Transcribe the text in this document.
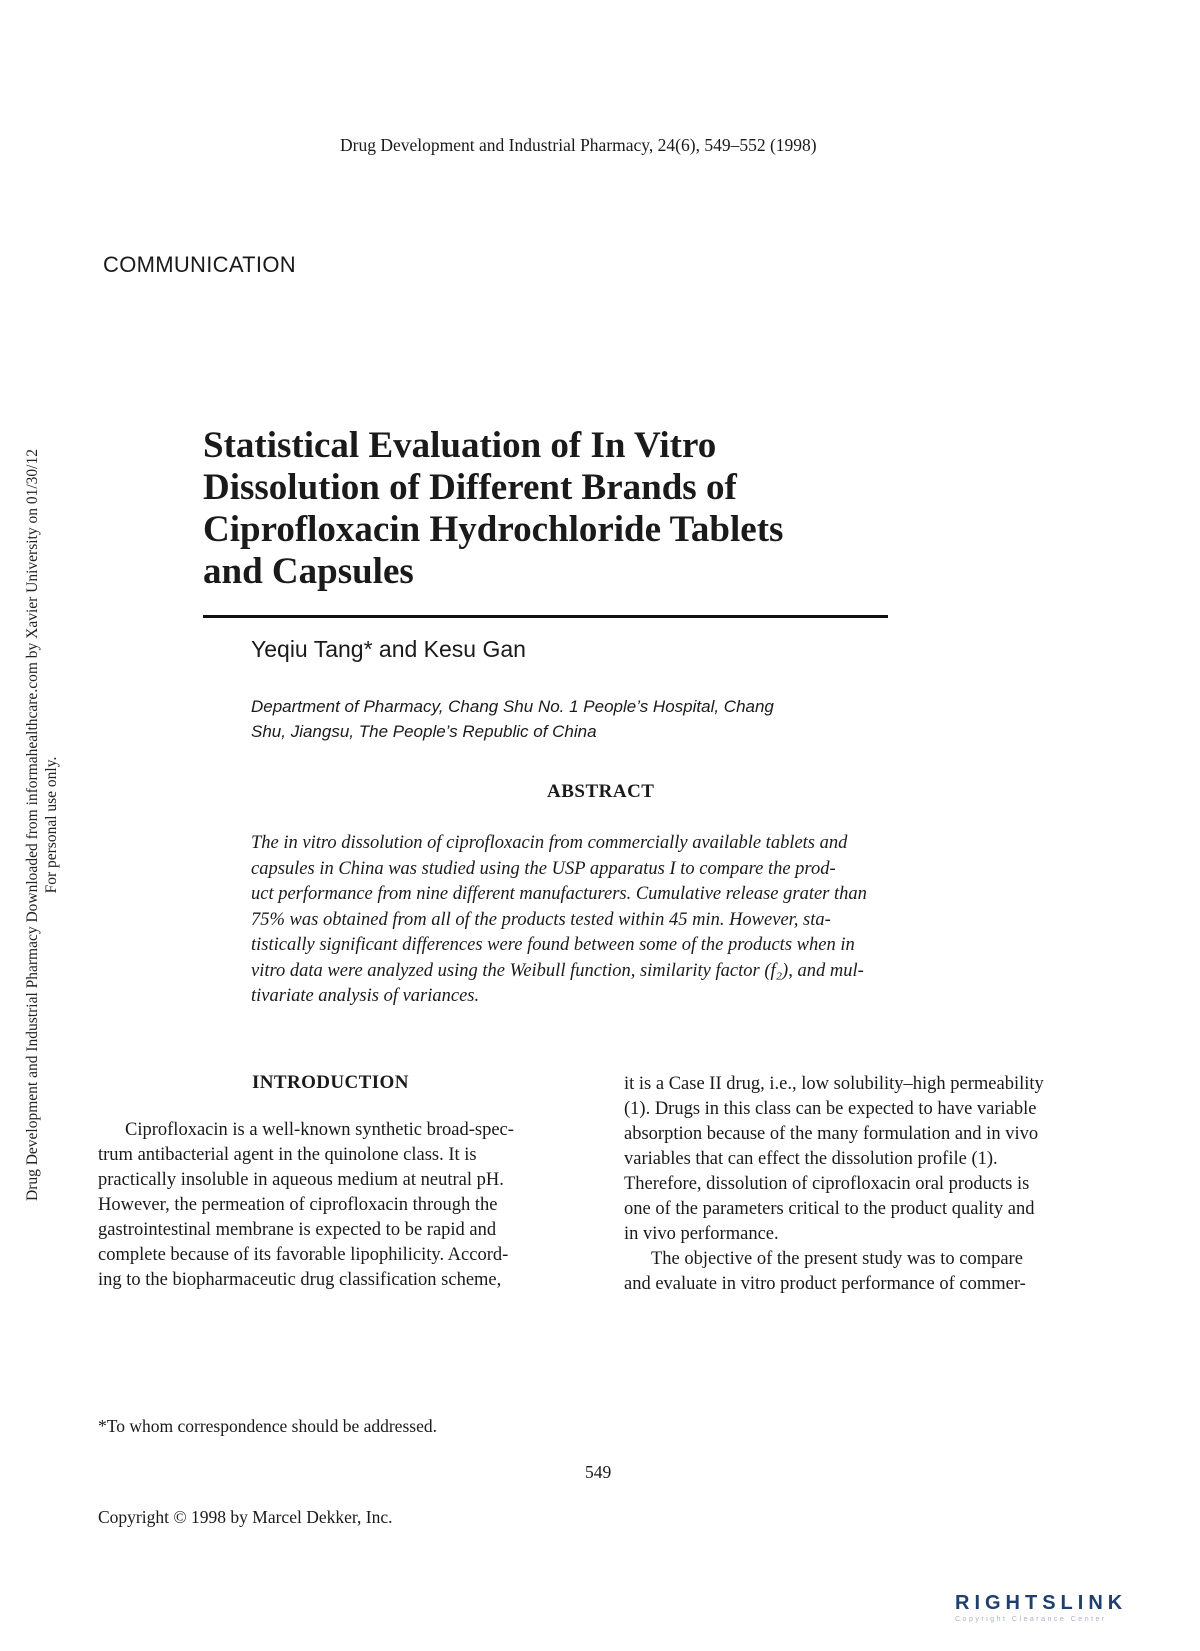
Drug Development and Industrial Pharmacy, 24(6), 549–552 (1998)
COMMUNICATION
Statistical Evaluation of In Vitro
Dissolution of Different Brands of
Ciprofloxacin Hydrochloride Tablets
and Capsules
Yeqiu Tang* and Kesu Gan
Department of Pharmacy, Chang Shu No. 1 People’s Hospital, Chang
Shu, Jiangsu, The People’s Republic of China
ABSTRACT
The in vitro dissolution of ciprofloxacin from commercially available tablets and
capsules in China was studied using the USP apparatus I to compare the prod-
uct performance from nine different manufacturers. Cumulative release grater than
75% was obtained from all of the products tested within 45 min. However, sta-
tistically significant differences were found between some of the products when in
vitro data were analyzed using the Weibull function, similarity factor (f₂), and mul-
tivariate analysis of variances.
INTRODUCTION
Ciprofloxacin is a well-known synthetic broad-spec-
trum antibacterial agent in the quinolone class. It is
practically insoluble in aqueous medium at neutral pH.
However, the permeation of ciprofloxacin through the
gastrointestinal membrane is expected to be rapid and
complete because of its favorable lipophilicity. Accord-
ing to the biopharmaceutic drug classification scheme,
it is a Case II drug, i.e., low solubility–high permeability
(1). Drugs in this class can be expected to have variable
absorption because of the many formulation and in vivo
variables that can effect the dissolution profile (1).
Therefore, dissolution of ciprofloxacin oral products is
one of the parameters critical to the product quality and
in vivo performance.
The objective of the present study was to compare
and evaluate in vitro product performance of commer-
*To whom correspondence should be addressed.
549
Copyright © 1998 by Marcel Dekker, Inc.
Drug Development and Industrial Pharmacy Downloaded from informahealthcare.com by Xavier University on 01/30/12 For personal use only.
RIGHTSLINK
Copyright Clearance Center
